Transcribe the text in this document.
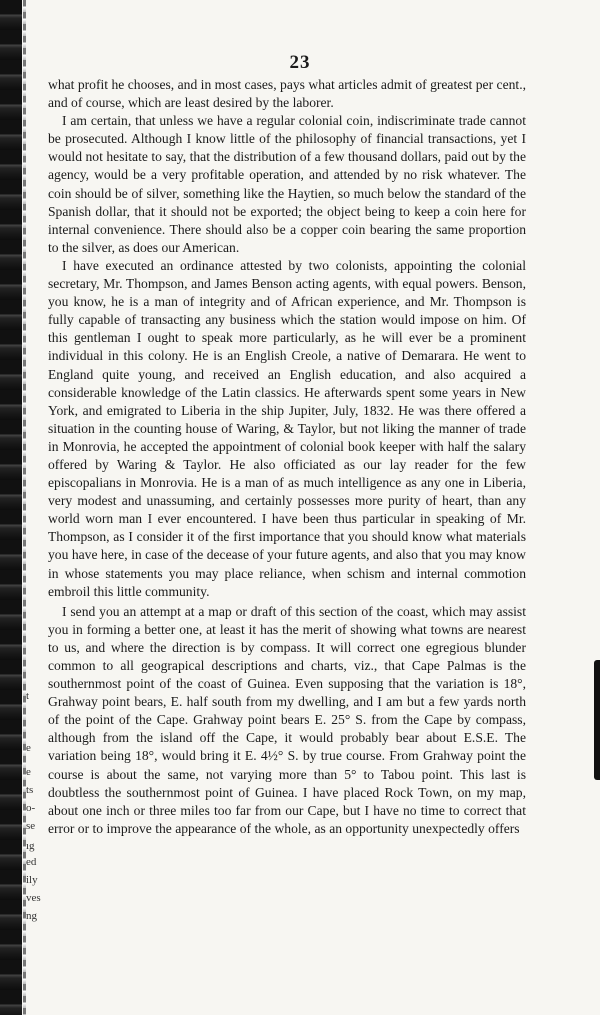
t
e
e
ts
o-
se
ıg
ed
ily
ves
ng
23

what profit he chooses, and in most cases, pays what articles admit of greatest per cent., and of course, which are least desired by the laborer.

I am certain, that unless we have a regular colonial coin, indiscriminate trade cannot be prosecuted. Although I know little of the philosophy of financial transactions, yet I would not hesitate to say, that the distribution of a few thousand dollars, paid out by the agency, would be a very profitable operation, and attended by no risk whatever. The coin should be of silver, something like the Haytien, so much below the standard of the Spanish dollar, that it should not be exported; the object being to keep a coin here for internal convenience. There should also be a copper coin bearing the same proportion to the silver, as does our American.

I have executed an ordinance attested by two colonists, appointing the colonial secretary, Mr. Thompson, and James Benson acting agents, with equal powers. Benson, you know, he is a man of integrity and of African experience, and Mr. Thompson is fully capable of transacting any business which the station would impose on him. Of this gentleman I ought to speak more particularly, as he will ever be a prominent individual in this colony. He is an English Creole, a native of Demarara. He went to England quite young, and received an English education, and also acquired a considerable knowledge of the Latin classics. He afterwards spent some years in New York, and emigrated to Liberia in the ship Jupiter, July, 1832. He was there offered a situation in the counting house of Waring, & Taylor, but not liking the manner of trade in Monrovia, he accepted the appointment of colonial book keeper with half the salary offered by Waring & Taylor. He also officiated as our lay reader for the few episcopalians in Monrovia. He is a man of as much intelligence as any one in Liberia, very modest and unassuming, and certainly possesses more purity of heart, than any world worn man I ever encountered. I have been thus particular in speaking of Mr. Thompson, as I consider it of the first importance that you should know what materials you have here, in case of the decease of your future agents, and also that you may know in whose statements you may place reliance, when schism and internal commotion embroil this little community.

I send you an attempt at a map or draft of this section of the coast, which may assist you in forming a better one, at least it has the merit of showing what towns are nearest to us, and where the direction is by compass. It will correct one egregious blunder common to all geograpical descriptions and charts, viz., that Cape Palmas is the southernmost point of the coast of Guinea. Even supposing that the variation is 18°, Grahway point bears, E. half south from my dwelling, and I am but a few yards north of the point of the Cape. Grahway point bears E. 25° S. from the Cape by compass, although from the island off the Cape, it would probably bear about E.S.E. The variation being 18°, would bring it E. 4½° S. by true course. From Grahway point the course is about the same, not varying more than 5° to Tabou point. This last is doubtless the southernmost point of Guinea. I have placed Rock Town, on my map, about one inch or three miles too far from our Cape, but I have no time to correct that error or to improve the appearance of the whole, as an opportunity unexpectedly offers
